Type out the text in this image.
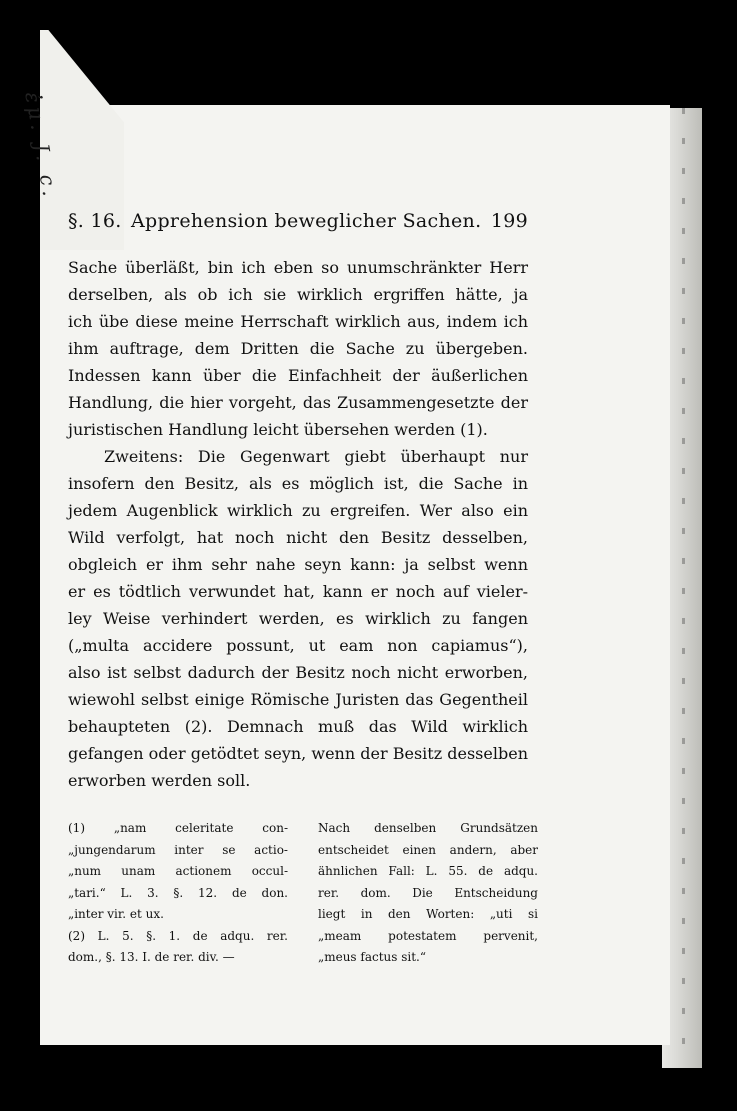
ἐμ. J. c.
§. 16. Apprehension beweglicher Sachen. 199
Sache überläßt, bin ich eben so unumschränkter Herr
derselben, als ob ich sie wirklich ergriffen hätte, ja
ich übe diese meine Herrschaft wirklich aus, indem ich
ihm auftrage, dem Dritten die Sache zu übergeben.
Indessen kann über die Einfachheit der äußerlichen
Handlung, die hier vorgeht, das Zusammengesetzte der
juristischen Handlung leicht übersehen werden (1).
Zweitens: Die Gegenwart giebt überhaupt nur
insofern den Besitz, als es möglich ist, die Sache in
jedem Augenblick wirklich zu ergreifen. Wer also ein
Wild verfolgt, hat noch nicht den Besitz desselben,
obgleich er ihm sehr nahe seyn kann: ja selbst wenn
er es tödtlich verwundet hat, kann er noch auf vieler-
ley Weise verhindert werden, es wirklich zu fangen
(„multa accidere possunt, ut eam non capiamus“),
also ist selbst dadurch der Besitz noch nicht erworben,
wiewohl selbst einige Römische Juristen das Gegentheil
behaupteten (2). Demnach muß das Wild wirklich
gefangen oder getödtet seyn, wenn der Besitz desselben
erworben werden soll.
(1) „nam celeritate con-
„jungendarum inter se actio-
„num unam actionem occul-
„tari.“ L. 3. §. 12. de don.
„inter vir. et ux.
(2) L. 5. §. 1. de adqu. rer.
dom., §. 13. I. de rer. div. —
Nach denselben Grundsätzen
entscheidet einen andern, aber
ähnlichen Fall: L. 55. de adqu.
rer. dom. Die Entscheidung
liegt in den Worten: „uti si
„meam potestatem pervenit,
„meus factus sit.“
